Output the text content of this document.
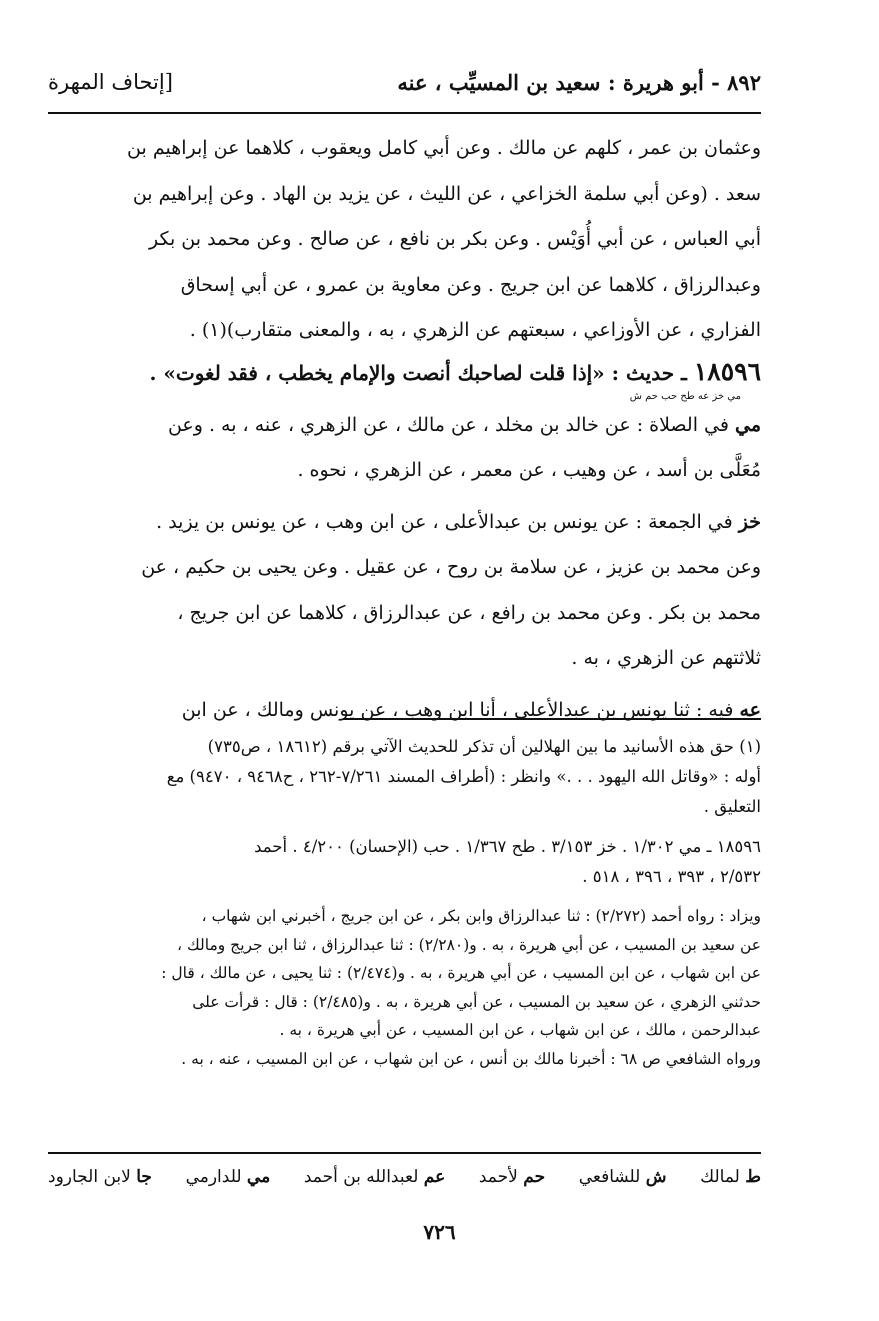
٨٩٢ - أبو هريرة : سعيد بن المسيِّب ، عنه
[إتحاف المهرة

وعثمان بن عمر ، كلهم عن مالك . وعن أبي كامل ويعقوب ، كلاهما عن إبراهيم بن

سعد . (وعن أبي سلمة الخزاعي ، عن الليث ، عن يزيد بن الهاد . وعن إبراهيم بن

أبي العباس ، عن أبي أُوَيْس . وعن بكر بن نافع ، عن صالح . وعن محمد بن بكر

وعبدالرزاق ، كلاهما عن ابن جريج . وعن معاوية بن عمرو ، عن أبي إسحاق

الفزاري ، عن الأوزاعي ، سبعتهم عن الزهري ، به ، والمعنى متقارب)(١) .

١٨٥٩٦ ـ حديث : «إذا قلت لصاحبك أنصت والإمام يخطب ، فقد لغوت» .

مي خز عه طح حب حم ش

مي في الصلاة : عن خالد بن مخلد ، عن مالك ، عن الزهري ، عنه ، به . وعن

مُعَلَّى بن أسد ، عن وهيب ، عن معمر ، عن الزهري ، نحوه .

خز في الجمعة : عن يونس بن عبدالأعلى ، عن ابن وهب ، عن يونس بن يزيد .

وعن محمد بن عزيز ، عن سلامة بن روح ، عن عقيل . وعن يحيى بن حكيم ، عن

محمد بن بكر . وعن محمد بن رافع ، عن عبدالرزاق ، كلاهما عن ابن جريج ،

ثلاثتهم عن الزهري ، به .

عه فيه : ثنا يونس بن عبدالأعلى ، أنا ابن وهب ، عن يونس ومالك ، عن ابن

(١) حق هذه الأسانيد ما بين الهلالين أن تذكر للحديث الآتي برقم (١٨٦١٢ ، ص٧٣٥)

أوله : «وقاتل الله اليهود . . .» وانظر : (أطراف المسند ٧/٢٦١-٢٦٢ ، ح٩٤٦٨ ، ٩٤٧٠) مع

التعليق .

١٨٥٩٦ ـ مي ١/٣٠٢ . خز ٣/١٥٣ . طح ١/٣٦٧ . حب (الإحسان) ٤/٢٠٠ . أحمد

٢/٥٣٢ ، ٣٩٣ ، ٣٩٦ ، ٥١٨ .

ويزاد : رواه أحمد (٢/٢٧٢) : ثنا عبدالرزاق وابن بكر ، عن ابن جريج ، أخبرني ابن شهاب ،

عن سعيد بن المسيب ، عن أبي هريرة ، به . و(٢/٢٨٠) : ثنا عبدالرزاق ، ثنا ابن جريج ومالك ،

عن ابن شهاب ، عن ابن المسيب ، عن أبي هريرة ، به . و(٢/٤٧٤) : ثنا يحيى ، عن مالك ، قال :

حدثني الزهري ، عن سعيد بن المسيب ، عن أبي هريرة ، به . و(٢/٤٨٥) : قال : قرأت على

عبدالرحمن ، مالك ، عن ابن شهاب ، عن ابن المسيب ، عن أبي هريرة ، به .

ورواه الشافعي ص ٦٨ : أخبرنا مالك بن أنس ، عن ابن شهاب ، عن ابن المسيب ، عنه ، به .

ط لمالك
ش للشافعي
حم لأحمد
عم لعبدالله بن أحمد
مي للدارمي
جا لابن الجارود
٧٢٦
